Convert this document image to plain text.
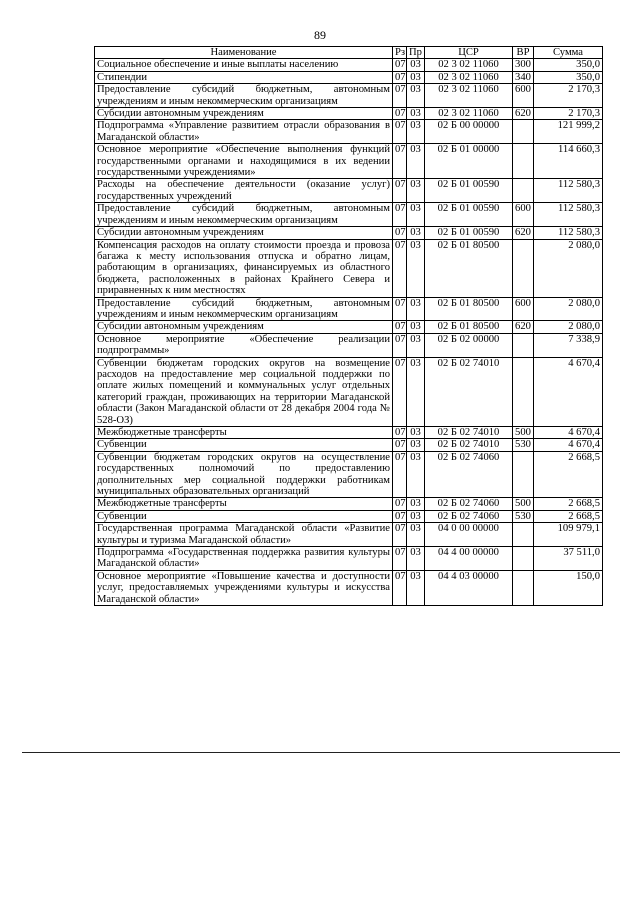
89
Наименование	Рз	Пр	ЦСР	ВР	Сумма
Социальное обеспечение и иные выплаты населению	07	03	02 3 02 11060	300	350,0
Стипендии	07	03	02 3 02 11060	340	350,0
Предоставление субсидий бюджетным, автономным учреждениям и иным некоммерческим организациям	07	03	02 3 02 11060	600	2 170,3
Субсидии автономным учреждениям	07	03	02 3 02 11060	620	2 170,3
Подпрограмма «Управление развитием отрасли образования в Магаданской области»	07	03	02 Б 00 00000		121 999,2
Основное мероприятие «Обеспечение выполнения функций государственными органами и находящимися в их ведении государственными учреждениями»	07	03	02 Б 01 00000		114 660,3
Расходы на обеспечение деятельности (оказание услуг) государственных учреждений	07	03	02 Б 01 00590		112 580,3
Предоставление субсидий бюджетным, автономным учреждениям и иным некоммерческим организациям	07	03	02 Б 01 00590	600	112 580,3
Субсидии автономным учреждениям	07	03	02 Б 01 00590	620	112 580,3
Компенсация расходов на оплату стоимости проезда и провоза багажа к месту использования отпуска и обратно лицам, работающим в организациях, финансируемых из областного бюджета, расположенных в районах Крайнего Севера и приравненных к ним местностях	07	03	02 Б 01 80500		2 080,0
Предоставление субсидий бюджетным, автономным учреждениям и иным некоммерческим организациям	07	03	02 Б 01 80500	600	2 080,0
Субсидии автономным учреждениям	07	03	02 Б 01 80500	620	2 080,0
Основное мероприятие «Обеспечение реализации подпрограммы»	07	03	02 Б 02 00000		7 338,9
Субвенции бюджетам городских округов на возмещение расходов на предоставление мер социальной поддержки по оплате жилых помещений и коммунальных услуг отдельных категорий граждан, проживающих на территории Магаданской области (Закон Магаданской области от 28 декабря 2004 года № 528-ОЗ)	07	03	02 Б 02 74010		4 670,4
Межбюджетные трансферты	07	03	02 Б 02 74010	500	4 670,4
Субвенции	07	03	02 Б 02 74010	530	4 670,4
Субвенции бюджетам городских округов на осуществление государственных полномочий по предоставлению дополнительных мер социальной поддержки работникам муниципальных образовательных организаций	07	03	02 Б 02 74060		2 668,5
Межбюджетные трансферты	07	03	02 Б 02 74060	500	2 668,5
Субвенции	07	03	02 Б 02 74060	530	2 668,5
Государственная программа Магаданской области «Развитие культуры и туризма Магаданской области»	07	03	04 0 00 00000		109 979,1
Подпрограмма «Государственная поддержка развития культуры Магаданской области»	07	03	04 4 00 00000		37 511,0
Основное мероприятие «Повышение качества и доступности услуг, предоставляемых учреждениями культуры и искусства Магаданской области»	07	03	04 4 03 00000		150,0
